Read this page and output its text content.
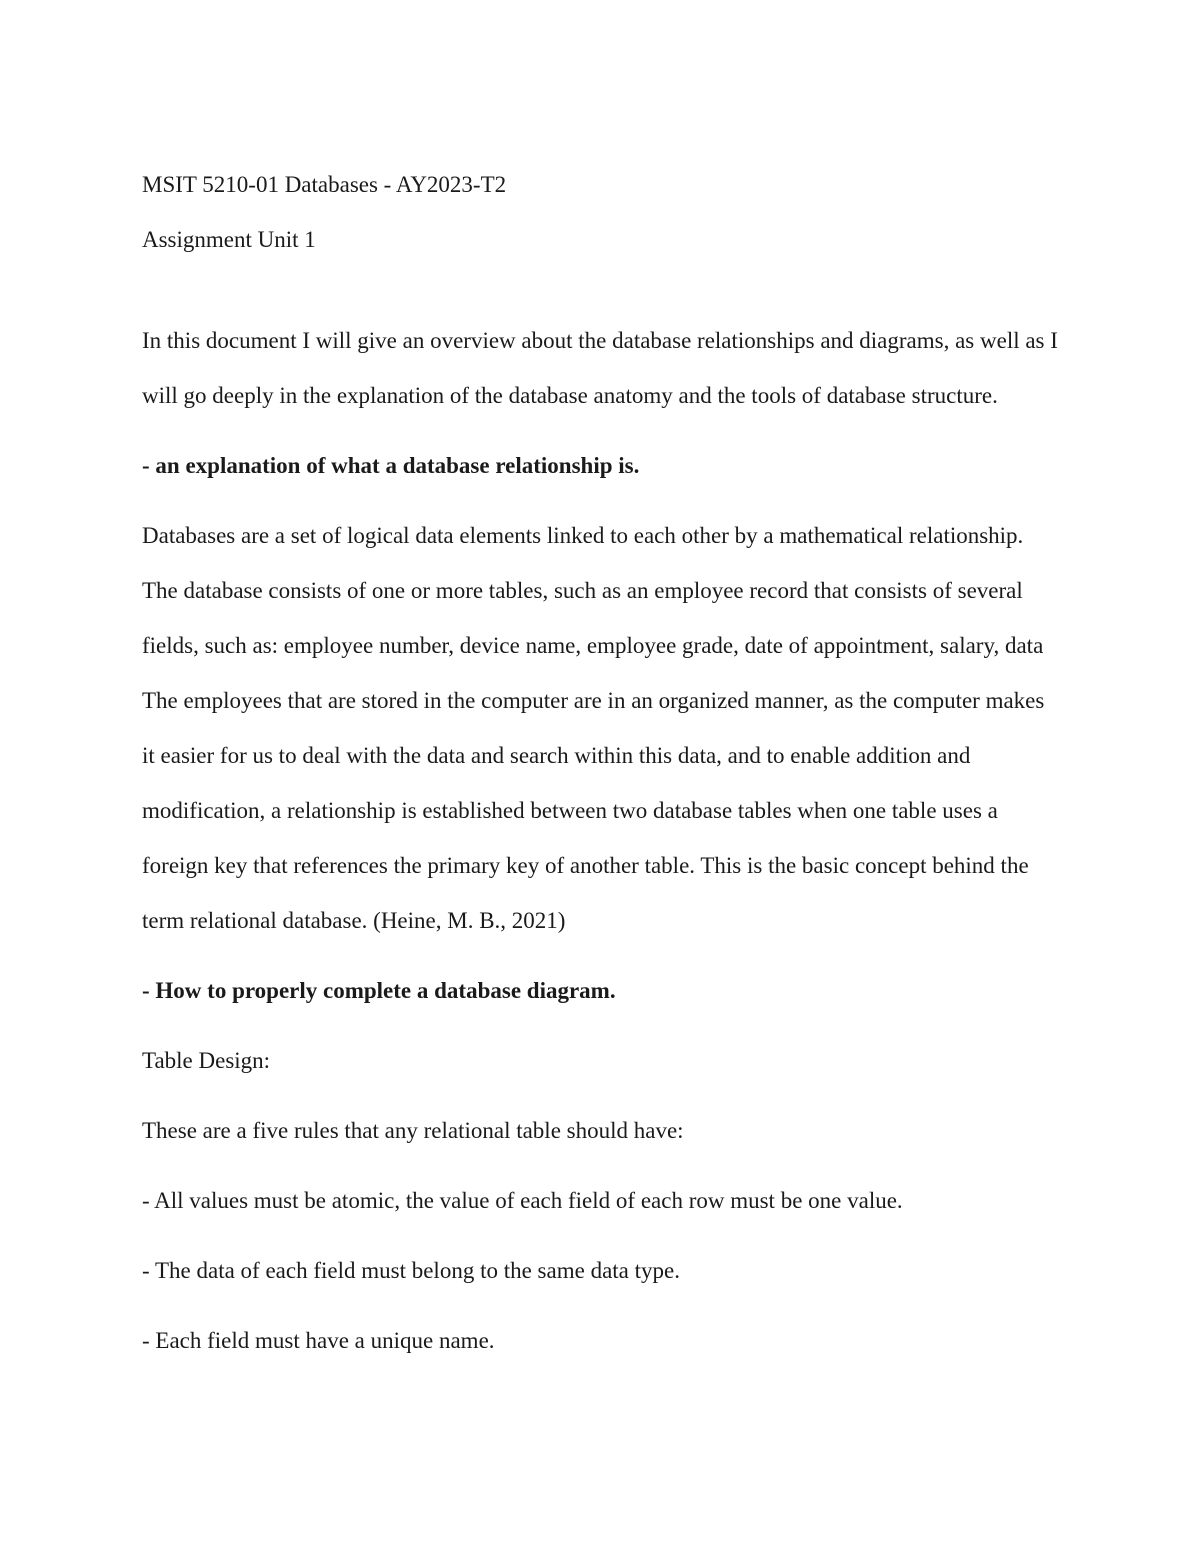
MSIT 5210-01 Databases - AY2023-T2
Assignment Unit 1

In this document I will give an overview about the database relationships and diagrams, as well as I will go deeply in the explanation of the database anatomy and the tools of database structure.

- an explanation of what a database relationship is.

Databases are a set of logical data elements linked to each other by a mathematical relationship. The database consists of one or more tables, such as an employee record that consists of several fields, such as: employee number, device name, employee grade, date of appointment, salary, data The employees that are stored in the computer are in an organized manner, as the computer makes it easier for us to deal with the data and search within this data, and to enable addition and modification, a relationship is established between two database tables when one table uses a foreign key that references the primary key of another table. This is the basic concept behind the term relational database. (Heine, M. B., 2021)

- How to properly complete a database diagram.

Table Design:

These are a five rules that any relational table should have:

- All values must be atomic, the value of each field of each row must be one value.

- The data of each field must belong to the same data type.

- Each field must have a unique name.
